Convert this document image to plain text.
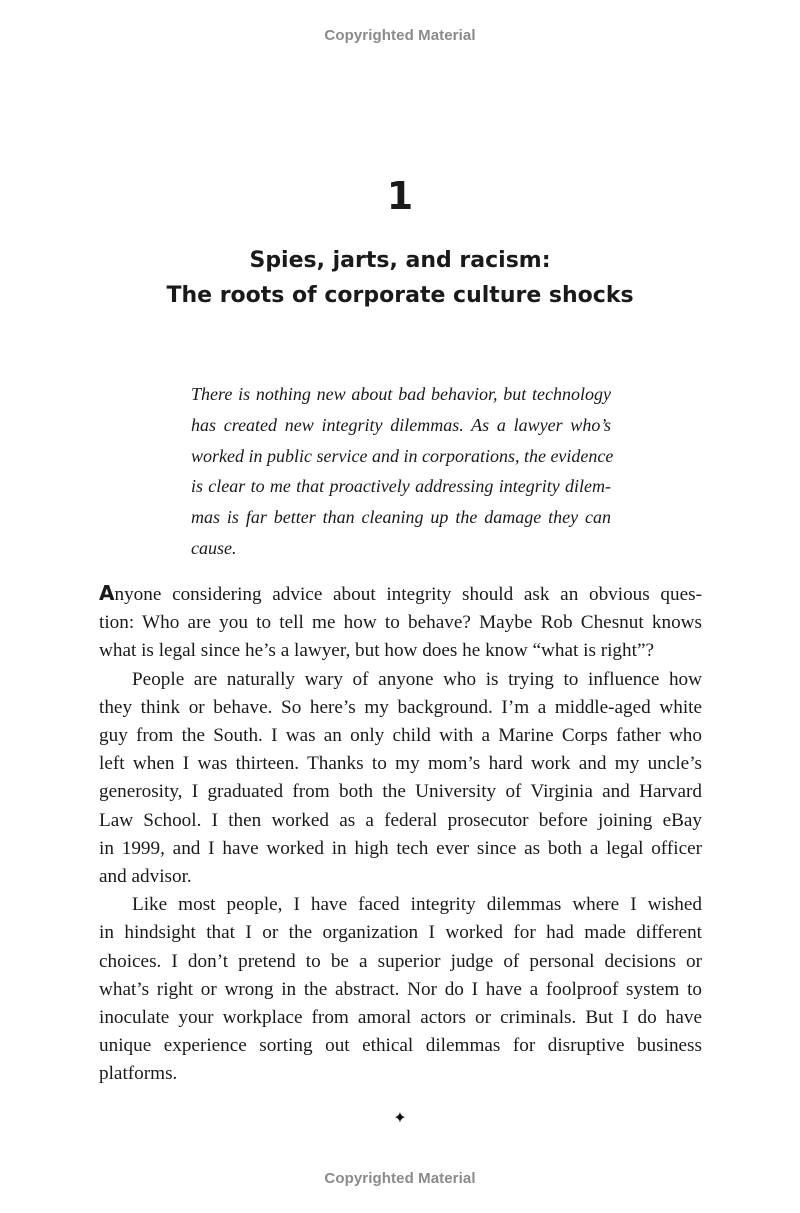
Copyrighted Material
1
Spies, jarts, and racism:
The roots of corporate culture shocks
There is nothing new about bad behavior, but technology
has created new integrity dilemmas. As a lawyer who’s
worked in public service and in corporations, the evidence
is clear to me that proactively addressing integrity dilem-
mas is far better than cleaning up the damage they can
cause.
Anyone considering advice about integrity should ask an obvious ques-
tion: Who are you to tell me how to behave? Maybe Rob Chesnut knows
what is legal since he’s a lawyer, but how does he know “what is right”?
People are naturally wary of anyone who is trying to influence how
they think or behave. So here’s my background. I’m a middle-aged white
guy from the South. I was an only child with a Marine Corps father who
left when I was thirteen. Thanks to my mom’s hard work and my uncle’s
generosity, I graduated from both the University of Virginia and Harvard
Law School. I then worked as a federal prosecutor before joining eBay
in 1999, and I have worked in high tech ever since as both a legal officer
and advisor.
Like most people, I have faced integrity dilemmas where I wished
in hindsight that I or the organization I worked for had made different
choices. I don’t pretend to be a superior judge of personal decisions or
what’s right or wrong in the abstract. Nor do I have a foolproof system to
inoculate your workplace from amoral actors or criminals. But I do have
unique experience sorting out ethical dilemmas for disruptive business
platforms.
✦
Copyrighted Material
